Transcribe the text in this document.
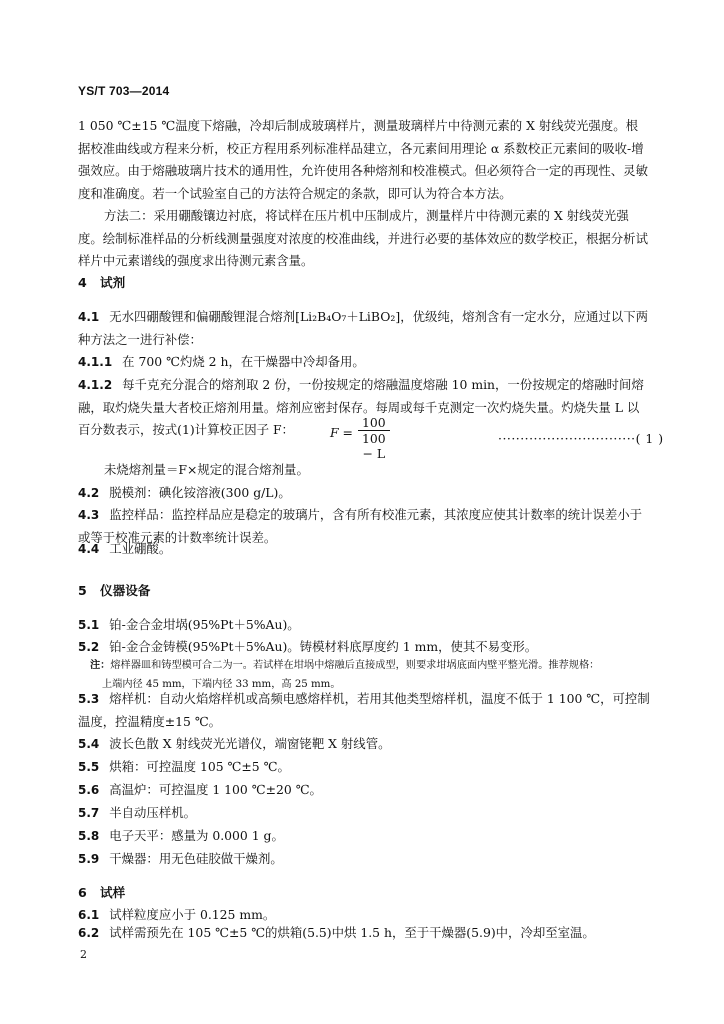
YS/T 703—2014

1 050 ℃±15 ℃温度下熔融，冷却后制成玻璃样片，测量玻璃样片中待测元素的 X 射线荧光强度。根据校准曲线或方程来分析，校正方程用系列标准样品建立，各元素间用理论 α 系数校正元素间的吸收-增强效应。由于熔融玻璃片技术的通用性，允许使用各种熔剂和校准模式。但必须符合一定的再现性、灵敏度和准确度。若一个试验室自己的方法符合规定的条款，即可认为符合本方法。

方法二：采用硼酸镶边衬底，将试样在压片机中压制成片，测量样片中待测元素的 X 射线荧光强度。绘制标准样品的分析线测量强度对浓度的校准曲线，并进行必要的基体效应的数学校正，根据分析试样片中元素谱线的强度求出待测元素含量。

4 试剂
4.1 无水四硼酸锂和偏硼酸锂混合熔剂[Li₂B₄O₇＋LiBO₂]，优级纯，熔剂含有一定水分，应通过以下两种方法之一进行补偿：
4.1.1 在 700 ℃灼烧 2 h，在干燥器中冷却备用。
4.1.2 每千克充分混合的熔剂取 2 份，一份按规定的熔融温度熔融 10 min，一份按规定的熔融时间熔融，取灼烧失量大者校正熔剂用量。熔剂应密封保存。每周或每千克测定一次灼烧失量。灼烧失量 L 以百分数表示，按式(1)计算校正因子 F：	$F = \frac{100}{100 - L}$	·······························( 1 )
未烧熔剂量＝F×规定的混合熔剂量。
4.2 脱模剂：碘化铵溶液(300 g/L)。
4.3 监控样品：监控样品应是稳定的玻璃片，含有所有校准元素，其浓度应使其计数率的统计误差小于或等于校准元素的计数率统计误差。
4.4 工业硼酸。
5 仪器设备
5.1 铂-金合金坩埚(95%Pt＋5%Au)。
5.2 铂-金合金铸模(95%Pt＋5%Au)。铸模材料底厚度约 1 mm，使其不易变形。
注：熔样器皿和铸型模可合二为一。若试样在坩埚中熔融后直接成型，则要求坩埚底面内壁平整光滑。推荐规格：
上端内径 45 mm，下端内径 33 mm，高 25 mm。
5.3 熔样机：自动火焰熔样机或高频电感熔样机，若用其他类型熔样机，温度不低于 1 100 ℃，可控制温度，控温精度±15 ℃。
5.4 波长色散 X 射线荧光光谱仪，端窗铑靶 X 射线管。
5.5 烘箱：可控温度 105 ℃±5 ℃。
5.6 高温炉：可控温度 1 100 ℃±20 ℃。
5.7 半自动压样机。
5.8 电子天平：感量为 0.000 1 g。
5.9 干燥器：用无色硅胶做干燥剂。
6 试样
6.1 试样粒度应小于 0.125 mm。
6.2 试样需预先在 105 ℃±5 ℃的烘箱(5.5)中烘 1.5 h，至于干燥器(5.9)中，冷却至室温。
2
